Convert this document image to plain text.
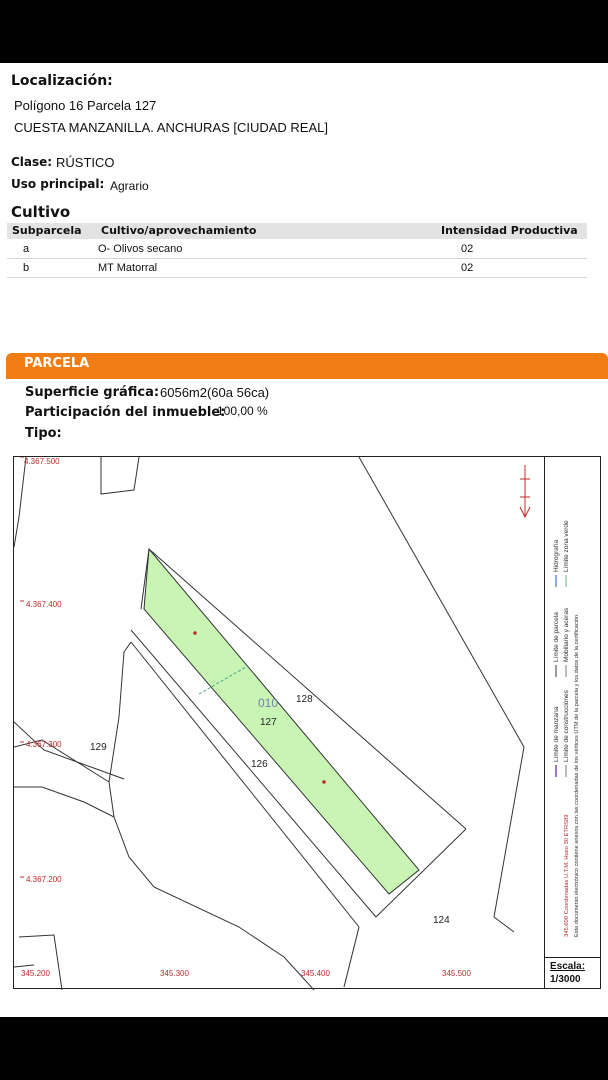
Localización:
Polígono 16 Parcela 127
CUESTA MANZANILLA. ANCHURAS [CIUDAD REAL]
Clase: RÚSTICO
Uso principal: Agrario
Cultivo
Subparcela Cultivo/aprovechamiento	Intensidad Productiva
a	O- Olivos secano	02
b	MT Matorral	02
PARCELA
Superficie gráfica: 6056m2(60a 56ca)
Participación del inmueble:
100,00 %
Tipo:
4.367.500
4.367.400
4.367.300
4.367.200
345.200	345.300	345.400	345.500
010 128
127
126
129
124
Límite de manzana
Límite de parcela
Hidrografía
Límite de construcciones
Mobiliario y aceras
Límite zona verde
Este documento electrónico contiene anexos con las coordenadas de los vértices UTM de la parcela y los datos de la certificación.
345.600 Coordenadas U.T.M. Huso 30 ETRS89
Escala:
1/3000
